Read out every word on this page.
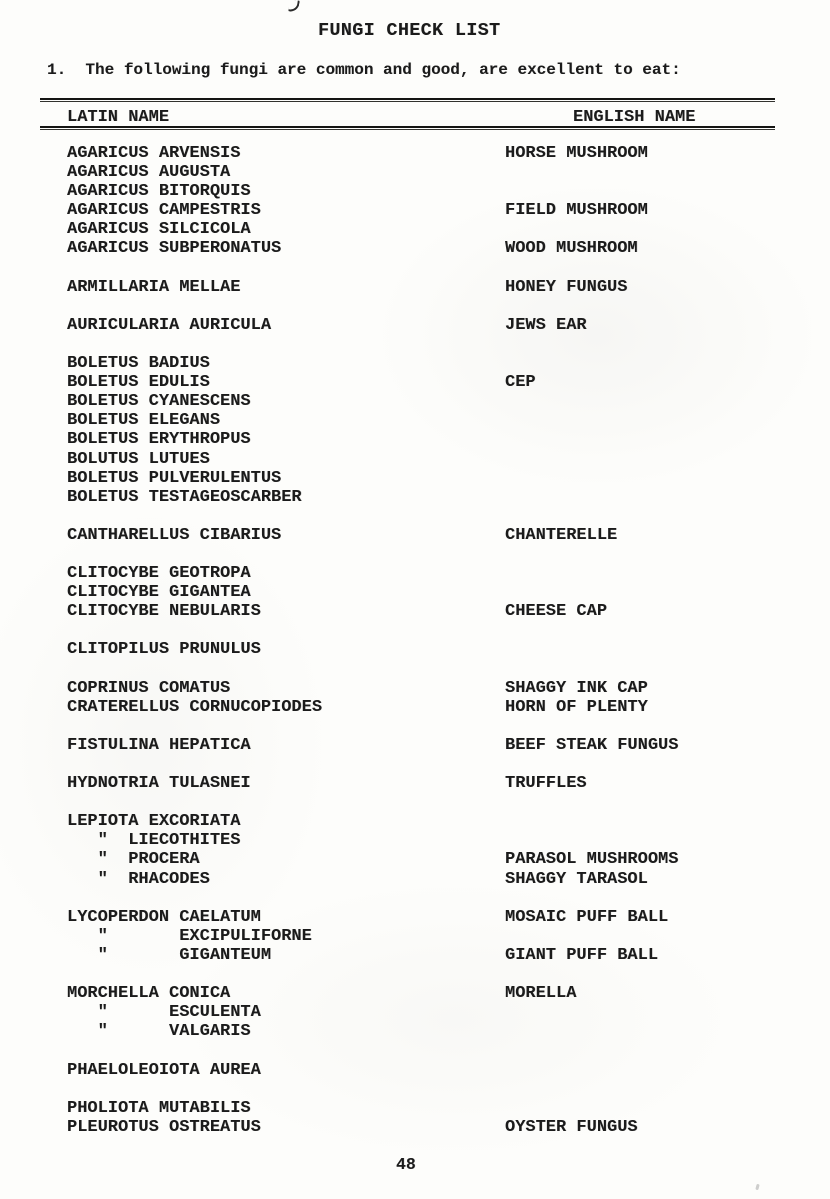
FUNGI CHECK LIST
1.  The following fungi are common and good, are excellent to eat:
LATIN NAME	ENGLISH NAME
AGARICUS ARVENSIS	HORSE MUSHROOM
AGARICUS AUGUSTA
AGARICUS BITORQUIS
AGARICUS CAMPESTRIS	FIELD MUSHROOM
AGARICUS SILCICOLA
AGARICUS SUBPERONATUS	WOOD MUSHROOM
ARMILLARIA MELLAE	HONEY FUNGUS
AURICULARIA AURICULA	JEWS EAR
BOLETUS BADIUS
BOLETUS EDULIS	CEP
BOLETUS CYANESCENS
BOLETUS ELEGANS
BOLETUS ERYTHROPUS
BOLUTUS LUTUES
BOLETUS PULVERULENTUS
BOLETUS TESTAGEOSCARBER
CANTHARELLUS CIBARIUS	CHANTERELLE
CLITOCYBE GEOTROPA
CLITOCYBE GIGANTEA
CLITOCYBE NEBULARIS	CHEESE CAP
CLITOPILUS PRUNULUS
COPRINUS COMATUS	SHAGGY INK CAP
CRATERELLUS CORNUCOPIODES	HORN OF PLENTY
FISTULINA HEPATICA	BEEF STEAK FUNGUS
HYDNOTRIA TULASNEI	TRUFFLES
LEPIOTA EXCORIATA
"  LIECOTHITES
"  PROCERA	PARASOL MUSHROOMS
"  RHACODES	SHAGGY TARASOL
LYCOPERDON CAELATUM	MOSAIC PUFF BALL
"       EXCIPULIFORNE
"       GIGANTEUM	GIANT PUFF BALL
MORCHELLA CONICA	MORELLA
"      ESCULENTA
"      VALGARIS
PHAELOLEOIOTA AUREA
PHOLIOTA MUTABILIS
PLEUROTUS OSTREATUS	OYSTER FUNGUS
48
